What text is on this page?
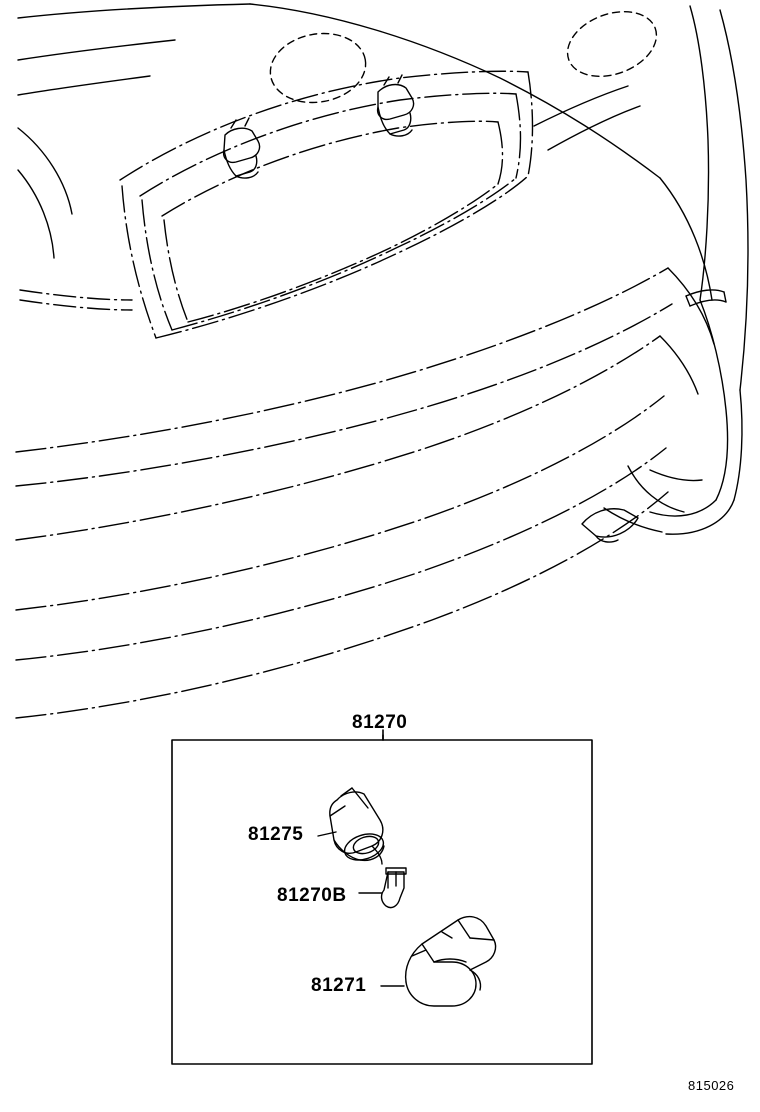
81270
81275
81270B
81271
815026
